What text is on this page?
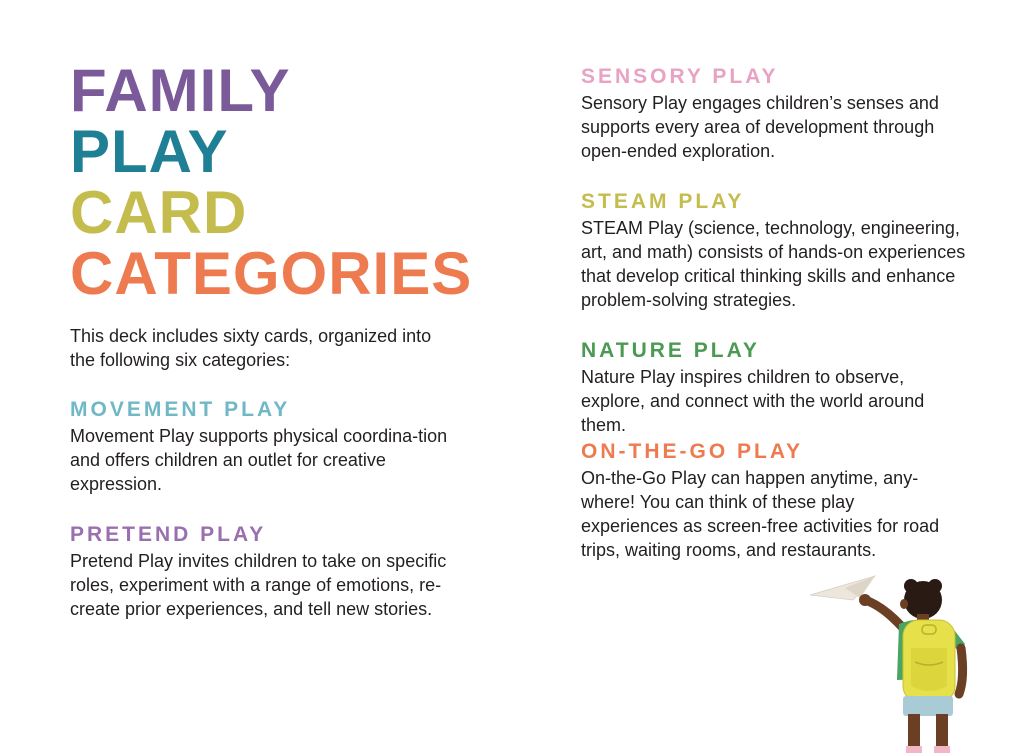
FAMILY
PLAY
CARD
CATEGORIES

This deck includes sixty cards, organized into the following six categories:

MOVEMENT PLAY

Movement Play supports physical coordina-tion and offers children an outlet for creative expression.

PRETEND PLAY

Pretend Play invites children to take on specific roles, experiment with a range of emotions, re-create prior experiences, and tell new stories.

SENSORY PLAY

Sensory Play engages children’s senses and supports every area of development through open-ended exploration.

STEAM PLAY

STEAM Play (science, technology, engineering, art, and math) consists of hands-on experiences that develop critical thinking skills and enhance problem-solving strategies.

NATURE PLAY

Nature Play inspires children to observe, explore, and connect with the world around them.

ON-THE-GO PLAY

On-the-Go Play can happen anytime, any-where! You can think of these play experiences as screen-free activities for road trips, waiting rooms, and restaurants.
